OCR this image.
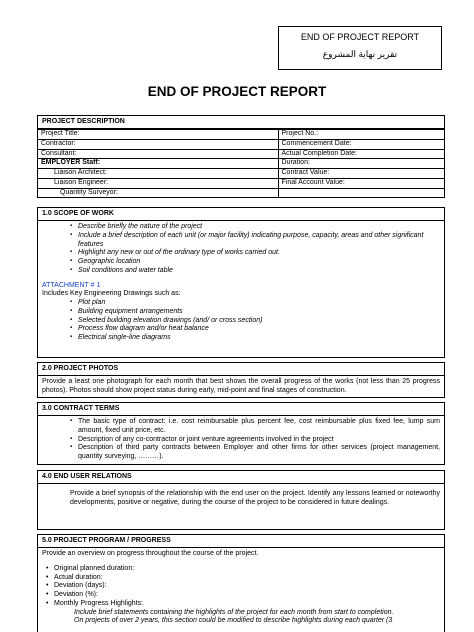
END OF PROJECT REPORT
تقرير نهاية المشروع
END OF PROJECT REPORT
PROJECT DESCRIPTION
Project Title:	Project No.:
Contractor:	Commencement Date:
Consultant:	Actual Completion Date:
EMPLOYER Staff:	Duration:
Liaison Architect:	Contract Value:
Liaison Engineer:	Final Account Value:
Quantity Surveyor:	
1.0 SCOPE OF WORK
▪ Describe briefly the nature of the project
▪ Include a brief description of each unit (or major facility) indicating purpose, capacity, areas and other significant features
▪ Highlight any new or out of the ordinary type of works carried out.
▪ Geographic location
▪ Soil conditions and water table
ATTACHMENT # 1
Includes Key Engineering Drawings such as:
▪ Plot plan
▪ Building equipment arrangements
▪ Selected building elevation drawings (and/ or cross section)
▪ Process flow diagram and/or heat balance
▪ Electrical single-line diagrams
2.0 PROJECT PHOTOS
Provide a least one photograph for each month that best shows the overall progress of the works (not less than 25 progress photos). Photos should show project status during early, mid-point and final stages of construction.
3.0 CONTRACT TERMS
▪ The basic type of contract: i.e. cost reimbursable plus percent fee, cost reimbursable plus fixed fee, lump sum amount, fixed unit price, etc.
▪ Description of any co-contractor or joint venture agreements involved in the project
▪ Description of third party contracts between Employer and other firms for other services (project management, quantity surveying, ………).
4.0 END USER RELATIONS
Provide a brief synopsis of the relationship with the end user on the project. Identify any lessons learned or noteworthy developments, positive or negative, during the course of the project to be considered in future dealings.
5.0 PROJECT PROGRAM / PROGRESS
Provide an overview on progress throughout the course of the project.
• Original planned duration:
• Actual duration:
• Deviation (days):
• Deviation (%):
• Monthly Progress Highlights:
Include brief statements containing the highlights of the project for each month from start to completion.
On projects of over 2 years, this section could be modified to describe highlights during each quarter (3
